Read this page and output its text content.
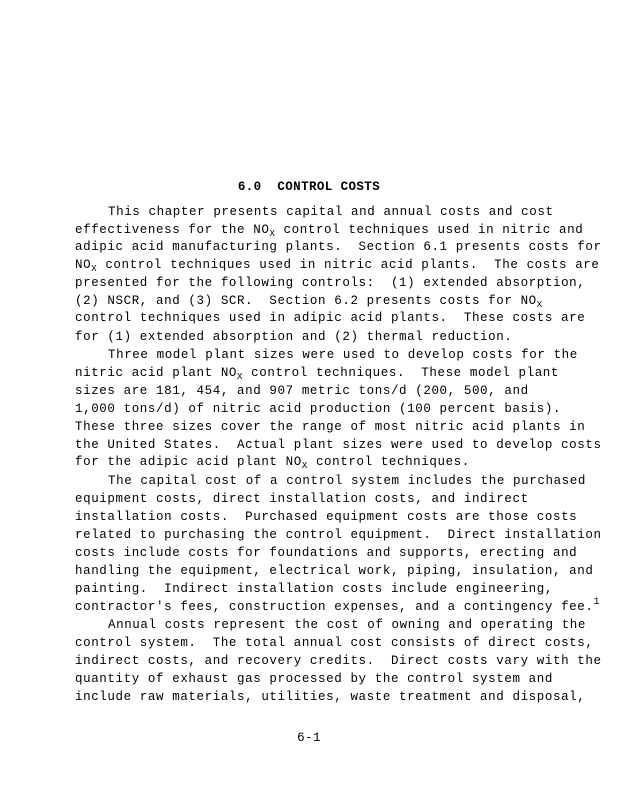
6.0  CONTROL COSTS
This chapter presents capital and annual costs and cost
effectiveness for the $NO_X$ control techniques used in nitric and
adipic acid manufacturing plants.  Section 6.1 presents costs for
$NO_X$ control techniques used in nitric acid plants.  The costs are
presented for the following controls:  (1) extended absorption,
(2) NSCR, and (3) SCR.  Section 6.2 presents costs for $NO_X$
control techniques used in adipic acid plants.  These costs are
for (1) extended absorption and (2) thermal reduction.
Three model plant sizes were used to develop costs for the
nitric acid plant $NO_X$ control techniques.  These model plant
sizes are 181, 454, and 907 metric tons/d (200, 500, and
1,000 tons/d) of nitric acid production (100 percent basis).
These three sizes cover the range of most nitric acid plants in
the United States.  Actual plant sizes were used to develop costs
for the adipic acid plant $NO_X$ control techniques.
The capital cost of a control system includes the purchased
equipment costs, direct installation costs, and indirect
installation costs.  Purchased equipment costs are those costs
related to purchasing the control equipment.  Direct installation
costs include costs for foundations and supports, erecting and
handling the equipment, electrical work, piping, insulation, and
painting.  Indirect installation costs include engineering,
contractor's fees, construction expenses, and a contingency fee.$^1$
Annual costs represent the cost of owning and operating the
control system.  The total annual cost consists of direct costs,
indirect costs, and recovery credits.  Direct costs vary with the
quantity of exhaust gas processed by the control system and
include raw materials, utilities, waste treatment and disposal,
6-1
